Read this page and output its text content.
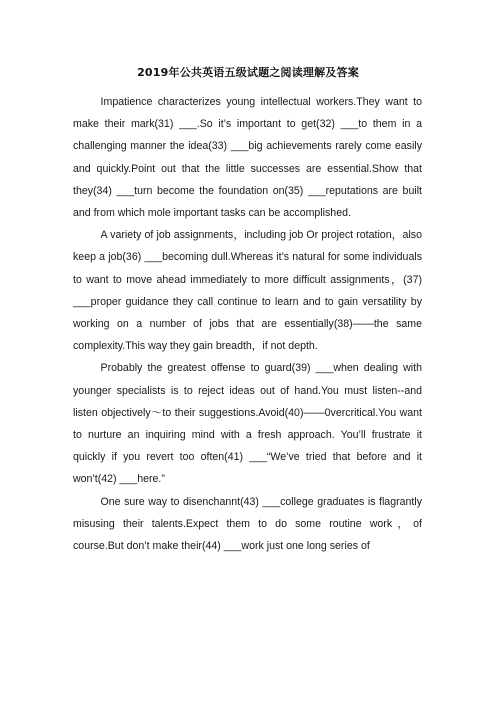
2019年公共英语五级试题之阅读理解及答案

Impatience characterizes young intellectual workers.They want to make their mark(31) ___.So it’s important to get(32) ___to them in a challenging manner the idea(33) ___big achievements rarely come easily and quickly.Point out that the little successes are essential.Show that they(34) ___turn become the foundation on(35) ___reputations are built and from which mole important tasks can be accomplished.

A variety of job assignments，including job Or project rotation，also keep a job(36) ___becoming dull.Whereas it’s natural for some individuals to want to move ahead immediately to more difficult assignments，(37) ___proper guidance they call continue to learn and to gain versatility by working on a number of jobs that are essentially(38)——the same complexity.This way they gain breadth，if not depth.

Probably the greatest offense to guard(39) ___when dealing with younger specialists is to reject ideas out of hand.You must listen--and listen objectively～to their suggestions.Avoid(40)——0vercritical.You want to nurture an inquiring mind with a fresh approach. You’ll frustrate it quickly if you revert too often(41) ___“We’ve tried that before and it won’t(42) ___here.”

One sure way to disenchannt(43) ___college graduates is flagrantly misusing their talents.Expect them to do some routine work，of course.But don’t make their(44) ___work just one long series of
